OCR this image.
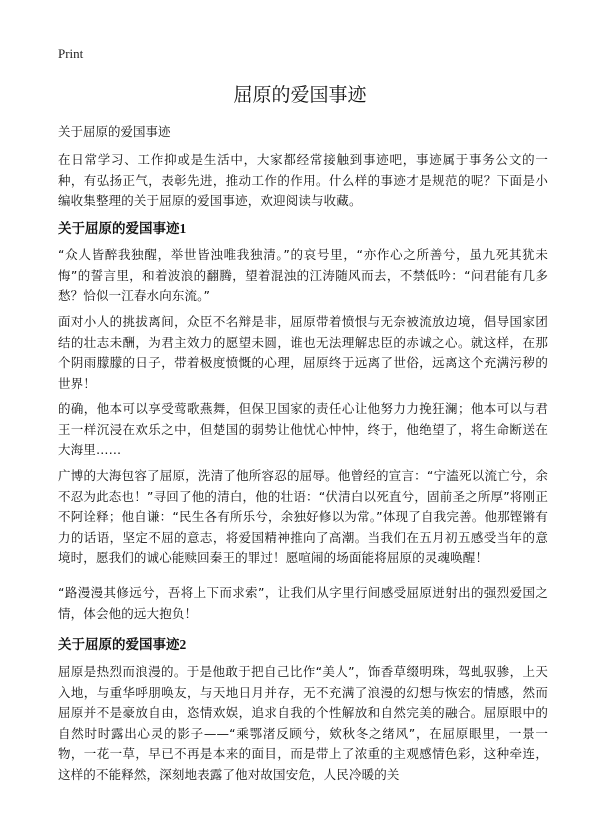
Print
屈原的爱国事迹

关于屈原的爱国事迹

在日常学习、工作抑或是生活中，大家都经常接触到事迹吧，事迹属于事务公文的一种，有弘扬正气，表彰先进，推动工作的作用。什么样的事迹才是规范的呢？下面是小编收集整理的关于屈原的爱国事迹，欢迎阅读与收藏。

关于屈原的爱国事迹1

“众人皆醉我独醒，举世皆浊唯我独清。”的哀号里，“亦作心之所善兮，虽九死其犹未悔”的誓言里，和着波浪的翻腾，望着混浊的江涛随风而去，不禁低吟：“问君能有几多愁？恰似一江春水向东流。”

面对小人的挑拔离间，众臣不名辩是非，屈原带着愤恨与无奈被流放边境，倡导国家团结的壮志未酬，为君主效力的愿望未圆，谁也无法理解忠臣的赤诚之心。就这样，在那个阴雨朦朦的日子，带着极度愤慨的心理，屈原终于远离了世俗，远离这个充满污秽的世界！

的确，他本可以享受莺歌燕舞，但保卫国家的责任心让他努力力挽狂澜；他本可以与君王一样沉浸在欢乐之中，但楚国的弱势让他忧心忡忡，终于，他绝望了，将生命断送在大海里……

广博的大海包容了屈原，洗清了他所容忍的屈辱。他曾经的宣言：“宁溘死以流亡兮，余不忍为此态也！”寻回了他的清白，他的壮语：“伏清白以死直兮，固前圣之所厚”将刚正不阿诠释；他自谦：“民生各有所乐兮，余独好修以为常。”体现了自我完善。他那铿锵有力的话语，坚定不屈的意志，将爱国精神推向了高潮。当我们在五月初五感受当年的意境时，愿我们的诚心能赎回秦王的罪过！愿喧闹的场面能将屈原的灵魂唤醒！

“路漫漫其修远兮，吾将上下而求索”，让我们从字里行间感受屈原迸射出的强烈爱国之情，体会他的远大抱负！

关于屈原的爱国事迹2

屈原是热烈而浪漫的。于是他敢于把自己比作“美人”，饰香草缀明珠，驾虬驭骖，上天入地，与重华呼朋唤友，与天地日月并存，无不充满了浪漫的幻想与恢宏的情感，然而屈原并不是豪放自由，恣情欢娱，追求自我的个性解放和自然完美的融合。屈原眼中的自然时时露出心灵的影子——“乘鄂渚反顾兮，欸秋冬之绪风”，在屈原眼里，一景一物，一花一草，早已不再是本来的面目，而是带上了浓重的主观感情色彩，这种牵连，这样的不能释然，深刻地表露了他对故国安危，人民冷暖的关
